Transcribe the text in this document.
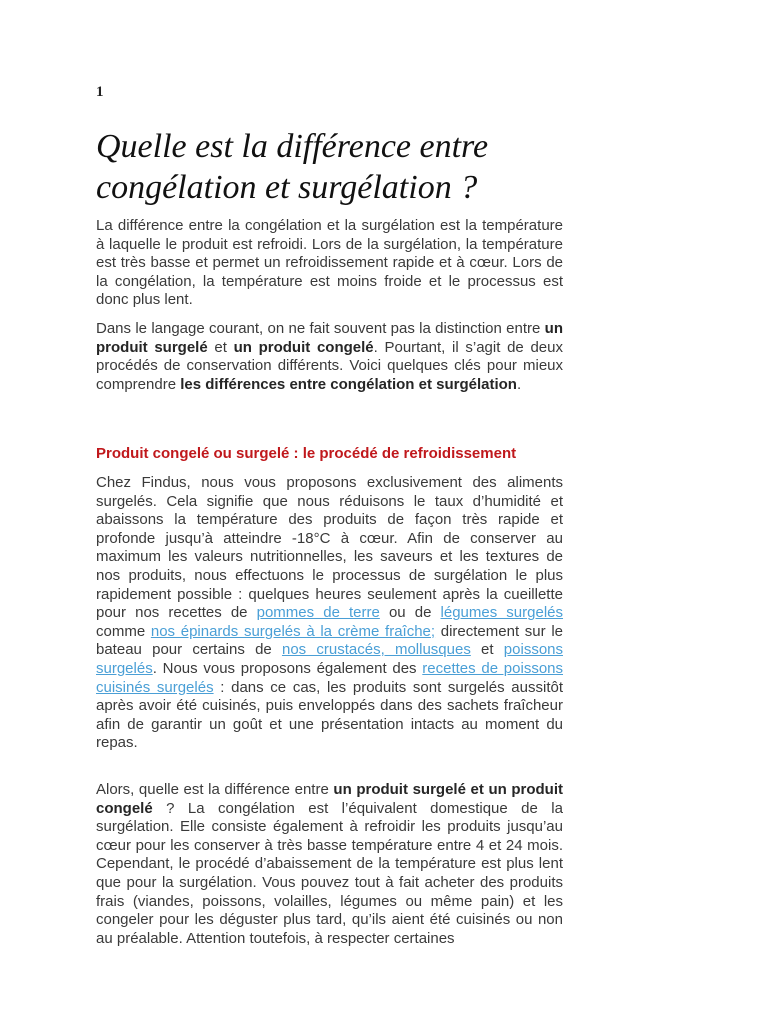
1
Quelle est la différence entre congélation et surgélation ?

La différence entre la congélation et la surgélation est la température à laquelle le produit est refroidi. Lors de la surgélation, la température est très basse et permet un refroidissement rapide et à cœur. Lors de la congélation, la température est moins froide et le processus est donc plus lent.

Dans le langage courant, on ne fait souvent pas la distinction entre un produit surgelé et un produit congelé. Pourtant, il s’agit de deux procédés de conservation différents. Voici quelques clés pour mieux comprendre les différences entre congélation et surgélation.

Produit congelé ou surgelé : le procédé de refroidissement

Chez Findus, nous vous proposons exclusivement des aliments surgelés. Cela signifie que nous réduisons le taux d’humidité et abaissons la température des produits de façon très rapide et profonde jusqu’à atteindre -18°C à cœur. Afin de conserver au maximum les valeurs nutritionnelles, les saveurs et les textures de nos produits, nous effectuons le processus de surgélation le plus rapidement possible : quelques heures seulement après la cueillette pour nos recettes de pommes de terre ou de légumes surgelés comme nos épinards surgelés à la crème fraîche; directement sur le bateau pour certains de nos crustacés, mollusques et poissons surgelés. Nous vous proposons également des recettes de poissons cuisinés surgelés : dans ce cas, les produits sont surgelés aussitôt après avoir été cuisinés, puis enveloppés dans des sachets fraîcheur afin de garantir un goût et une présentation intacts au moment du repas.

Alors, quelle est la différence entre un produit surgelé et un produit congelé ? La congélation est l’équivalent domestique de la surgélation. Elle consiste également à refroidir les produits jusqu’au cœur pour les conserver à très basse température entre 4 et 24 mois. Cependant, le procédé d’abaissement de la température est plus lent que pour la surgélation. Vous pouvez tout à fait acheter des produits frais (viandes, poissons, volailles, légumes ou même pain) et les congeler pour les déguster plus tard, qu’ils aient été cuisinés ou non au préalable. Attention toutefois, à respecter certaines
